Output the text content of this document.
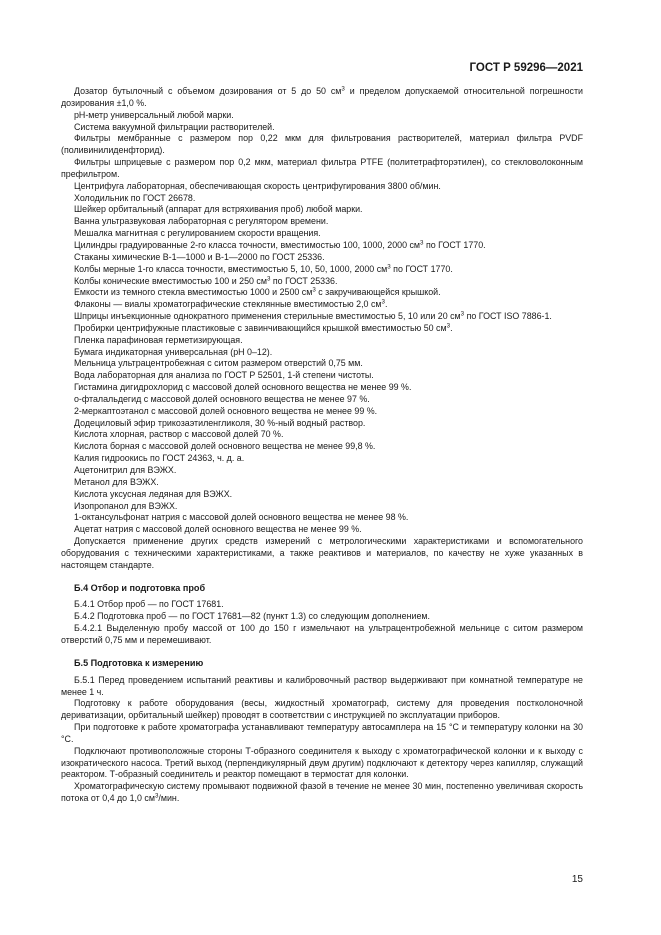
ГОСТ Р 59296—2021
Дозатор бутылочный с объемом дозирования от 5 до 50 $см^3$ и пределом допускаемой относительной погрешности дозирования ±1,0 %.
pH-метр универсальный любой марки.
Система вакуумной фильтрации растворителей.
Фильтры мембранные с размером пор 0,22 мкм для фильтрования растворителей, материал фильтра PVDF (поливинилиденфторид).
Фильтры шприцевые с размером пор 0,2 мкм, материал фильтра PTFE (политетрафторэтилен), со стекловолоконным префильтром.
Центрифуга лабораторная, обеспечивающая скорость центрифугирования 3800 об/мин.
Холодильник по ГОСТ 26678.
Шейкер орбитальный (аппарат для встряхивания проб) любой марки.
Ванна ультразвуковая лабораторная с регулятором времени.
Мешалка магнитная с регулированием скорости вращения.
Цилиндры градуированные 2-го класса точности, вместимостью 100, 1000, 2000 $см^3$ по ГОСТ 1770.
Стаканы химические В-1—1000 и В-1—2000 по ГОСТ 25336.
Колбы мерные 1-го класса точности, вместимостью 5, 10, 50, 1000, 2000 $см^3$ по ГОСТ 1770.
Колбы конические вместимостью 100 и 250 $см^3$ по ГОСТ 25336.
Емкости из темного стекла вместимостью 1000 и 2500 $см^3$ с закручивающейся крышкой.
Флаконы — виалы хроматографические стеклянные вместимостью 2,0 $см^3$.
Шприцы инъекционные однократного применения стерильные вместимостью 5, 10 или 20 $см^3$ по ГОСТ ISO 7886-1.
Пробирки центрифужные пластиковые с завинчивающийся крышкой вместимостью 50 $см^3$.
Пленка парафиновая герметизирующая.
Бумага индикаторная универсальная (pH 0–12).
Мельница ультрацентробежная с ситом размером отверстий 0,75 мм.
Вода лабораторная для анализа по ГОСТ Р 52501, 1-й степени чистоты.
Гистамина дигидрохлорид с массовой долей основного вещества не менее 99 %.
о-фталальдегид с массовой долей основного вещества не менее 97 %.
2-меркаптоэтанол с массовой долей основного вещества не менее 99 %.
Додециловый эфир трикозаэтиленгликоля, 30 %-ный водный раствор.
Кислота хлорная, раствор с массовой долей 70 %.
Кислота борная с массовой долей основного вещества не менее 99,8 %.
Калия гидроокись по ГОСТ 24363, ч. д. а.
Ацетонитрил для ВЭЖХ.
Метанол для ВЭЖХ.
Кислота уксусная ледяная для ВЭЖХ.
Изопропанол для ВЭЖХ.
1-октансульфонат натрия с массовой долей основного вещества не менее 98 %.
Ацетат натрия с массовой долей основного вещества не менее 99 %.
Допускается применение других средств измерений с метрологическими характеристиками и вспомогательного оборудования с техническими характеристиками, а также реактивов и материалов, по качеству не хуже указанных в настоящем стандарте.
Б.4 Отбор и подготовка проб
Б.4.1 Отбор проб — по ГОСТ 17681.
Б.4.2 Подготовка проб — по ГОСТ 17681—82 (пункт 1.3) со следующим дополнением.
Б.4.2.1 Выделенную пробу массой от 100 до 150 г измельчают на ультрацентробежной мельнице с ситом размером отверстий 0,75 мм и перемешивают.
Б.5 Подготовка к измерению
Б.5.1 Перед проведением испытаний реактивы и калибровочный раствор выдерживают при комнатной температуре не менее 1 ч.
Подготовку к работе оборудования (весы, жидкостный хроматограф, систему для проведения постколоночной дериватизации, орбитальный шейкер) проводят в соответствии с инструкцией по эксплуатации приборов.
При подготовке к работе хроматографа устанавливают температуру автосамплера на 15 °С и температуру колонки на 30 °С.
Подключают противоположные стороны Т-образного соединителя к выходу с хроматографической колонки и к выходу с изократического насоса. Третий выход (перпендикулярный двум другим) подключают к детектору через капилляр, служащий реактором. Т-образный соединитель и реактор помещают в термостат для колонки.
Хроматографическую систему промывают подвижной фазой в течение не менее 30 мин, постепенно увеличивая скорость потока от 0,4 до 1,0 $см^3$/мин.
15
